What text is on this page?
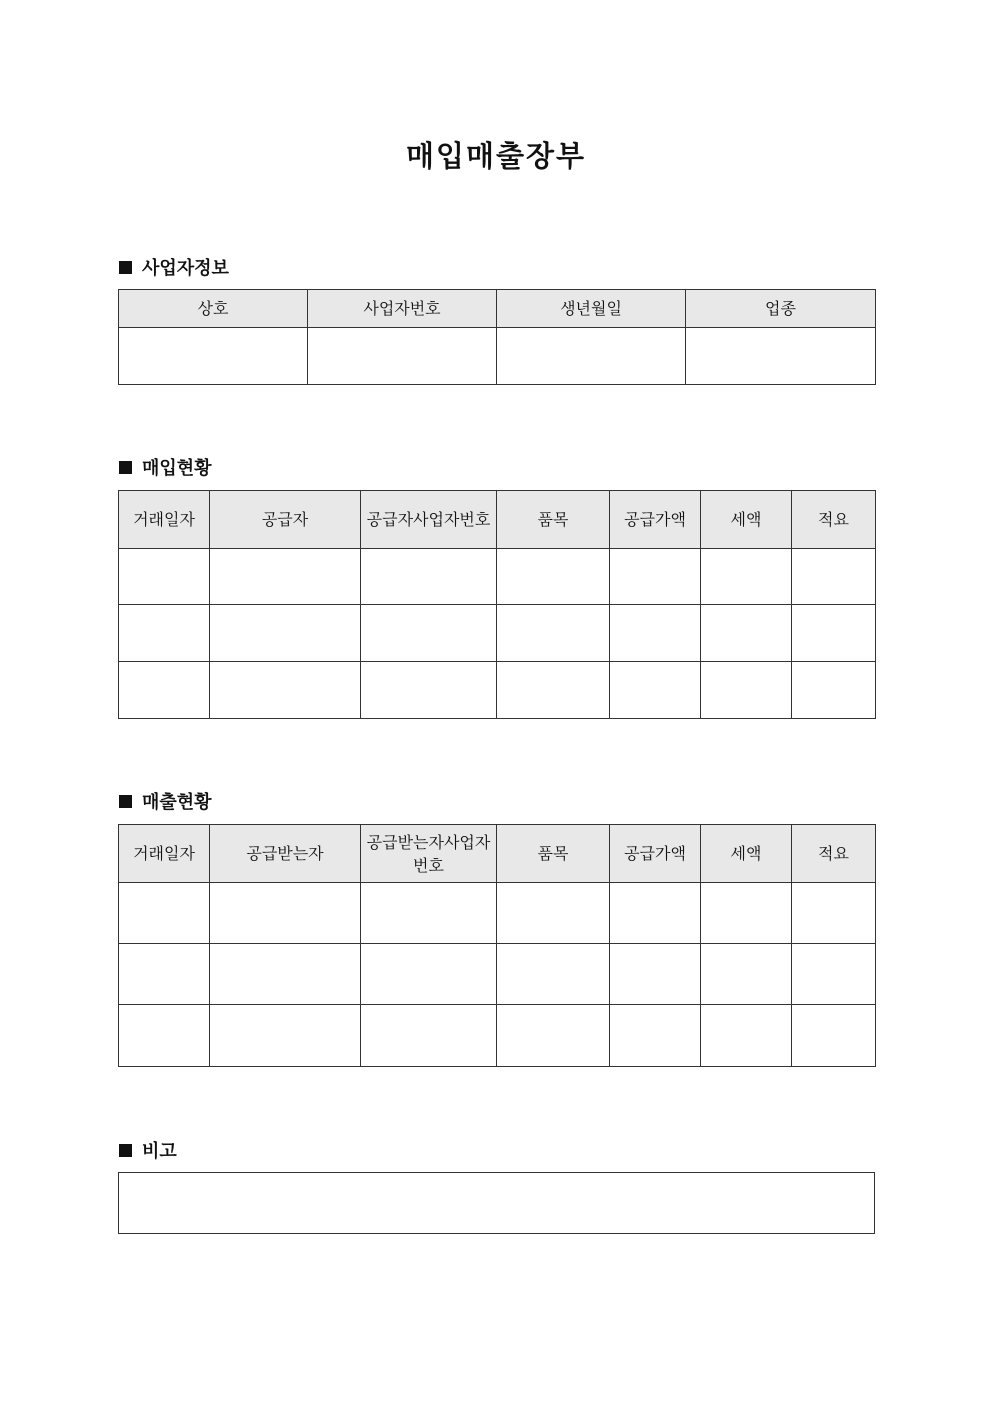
매입매출장부
사업자정보
상호	사업자번호	생년월일	업종

매입현황
거래일자	공급자	공급자사업자번호	품목	공급가액	세액	적요

매출현황
거래일자	공급받는자	공급받는자사업자번호	품목	공급가액	세액	적요

비고
